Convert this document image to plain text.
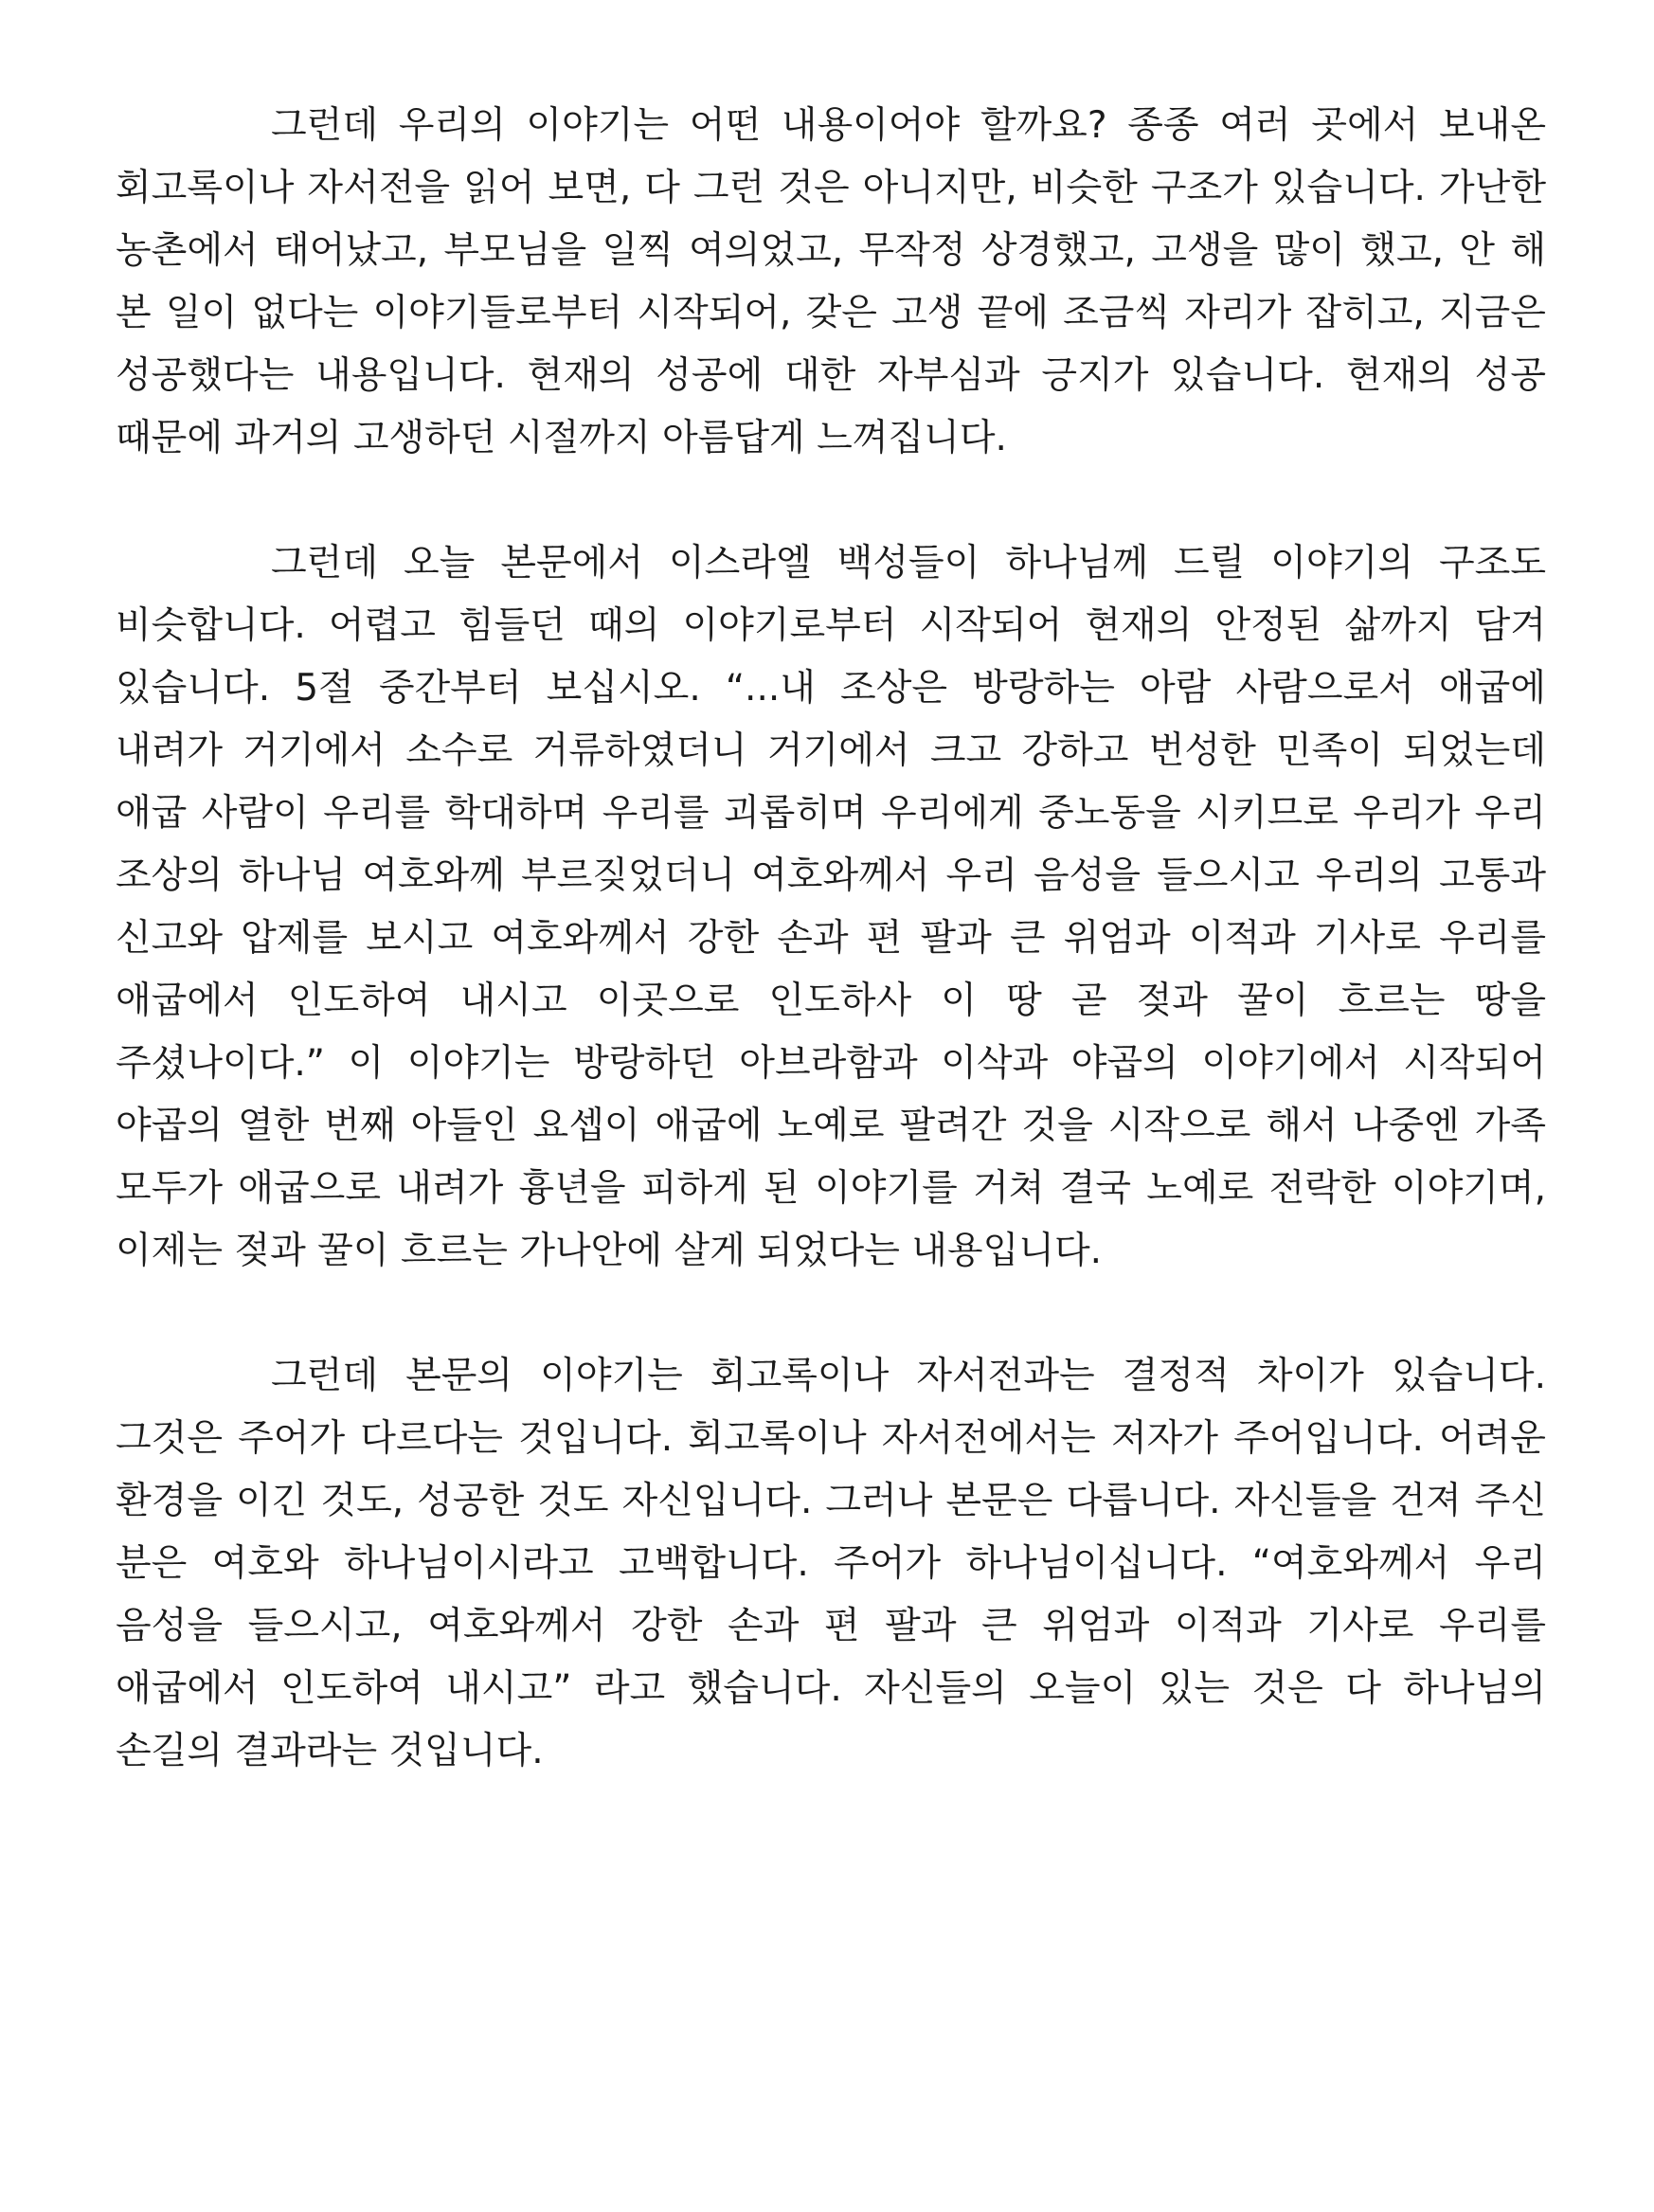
그런데 우리의 이야기는 어떤 내용이어야 할까요? 종종 여러 곳에서 보내온 회고록이나 자서전을 읽어 보면, 다 그런 것은 아니지만, 비슷한 구조가 있습니다. 가난한 농촌에서 태어났고, 부모님을 일찍 여의었고, 무작정 상경했고, 고생을 많이 했고, 안 해 본 일이 없다는 이야기들로부터 시작되어, 갖은 고생 끝에 조금씩 자리가 잡히고, 지금은 성공했다는 내용입니다. 현재의 성공에 대한 자부심과 긍지가 있습니다. 현재의 성공 때문에 과거의 고생하던 시절까지 아름답게 느껴집니다.

그런데 오늘 본문에서 이스라엘 백성들이 하나님께 드릴 이야기의 구조도 비슷합니다. 어렵고 힘들던 때의 이야기로부터 시작되어 현재의 안정된 삶까지 담겨 있습니다. 5절 중간부터 보십시오. “...내 조상은 방랑하는 아람 사람으로서 애굽에 내려가 거기에서 소수로 거류하였더니 거기에서 크고 강하고 번성한 민족이 되었는데 애굽 사람이 우리를 학대하며 우리를 괴롭히며 우리에게 중노동을 시키므로 우리가 우리 조상의 하나님 여호와께 부르짖었더니 여호와께서 우리 음성을 들으시고 우리의 고통과 신고와 압제를 보시고 여호와께서 강한 손과 편 팔과 큰 위엄과 이적과 기사로 우리를 애굽에서 인도하여 내시고 이곳으로 인도하사 이 땅 곧 젖과 꿀이 흐르는 땅을 주셨나이다.” 이 이야기는 방랑하던 아브라함과 이삭과 야곱의 이야기에서 시작되어 야곱의 열한 번째 아들인 요셉이 애굽에 노예로 팔려간 것을 시작으로 해서 나중엔 가족 모두가 애굽으로 내려가 흉년을 피하게 된 이야기를 거쳐 결국 노예로 전락한 이야기며, 이제는 젖과 꿀이 흐르는 가나안에 살게 되었다는 내용입니다.

그런데 본문의 이야기는 회고록이나 자서전과는 결정적 차이가 있습니다. 그것은 주어가 다르다는 것입니다. 회고록이나 자서전에서는 저자가 주어입니다. 어려운 환경을 이긴 것도, 성공한 것도 자신입니다. 그러나 본문은 다릅니다. 자신들을 건져 주신 분은 여호와 하나님이시라고 고백합니다. 주어가 하나님이십니다. “여호와께서 우리 음성을 들으시고, 여호와께서 강한 손과 편 팔과 큰 위엄과 이적과 기사로 우리를 애굽에서 인도하여 내시고” 라고 했습니다. 자신들의 오늘이 있는 것은 다 하나님의 손길의 결과라는 것입니다.
